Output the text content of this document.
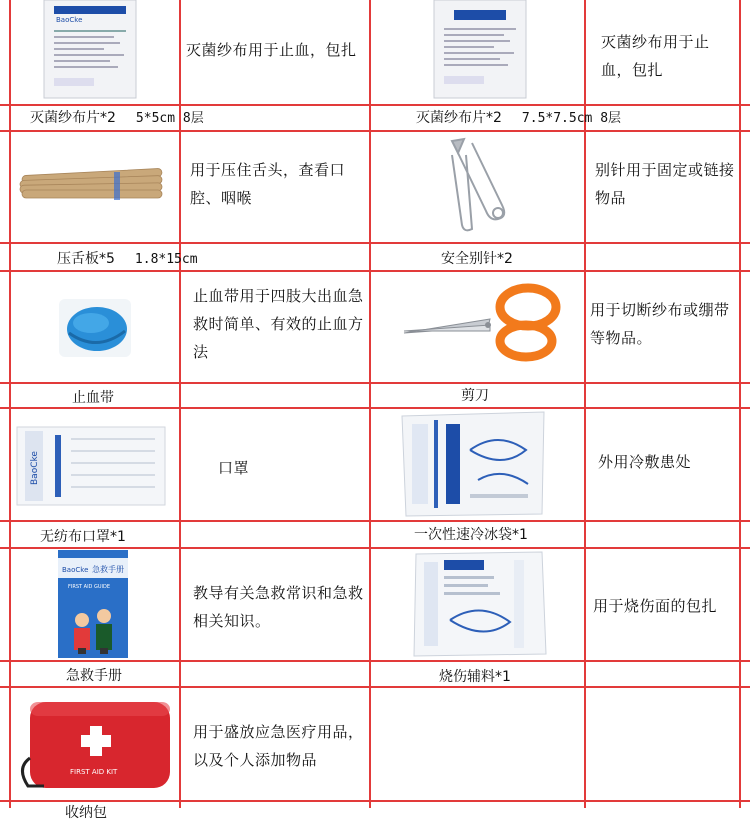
BaoCke
灭菌纱布用于止血，包扎
灭菌纱布片*2 5*5cm 8层
灭菌纱布用于止血，包扎
灭菌纱布片*2 7.5*7.5cm 8层
用于压住舌头，查看口腔、咽喉
压舌板*5 1.8*15cm
别针用于固定或链接物品
安全别针*2
止血带用于四肢大出血急救时简单、有效的止血方法
止血带
用于切断纱布或绷带等物品。
剪刀
BaoCke	口罩
无纺布口罩*1
外用冷敷患处
一次性速冷冰袋*1
BaoCke 急救手册
FIRST AID GUIDE	教导有关急救常识和急救相关知识。
急救手册
用于烧伤面的包扎
烧伤辅料*1
FIRST AID KIT
用于盛放应急医疗用品，以及个人添加物品
收纳包
